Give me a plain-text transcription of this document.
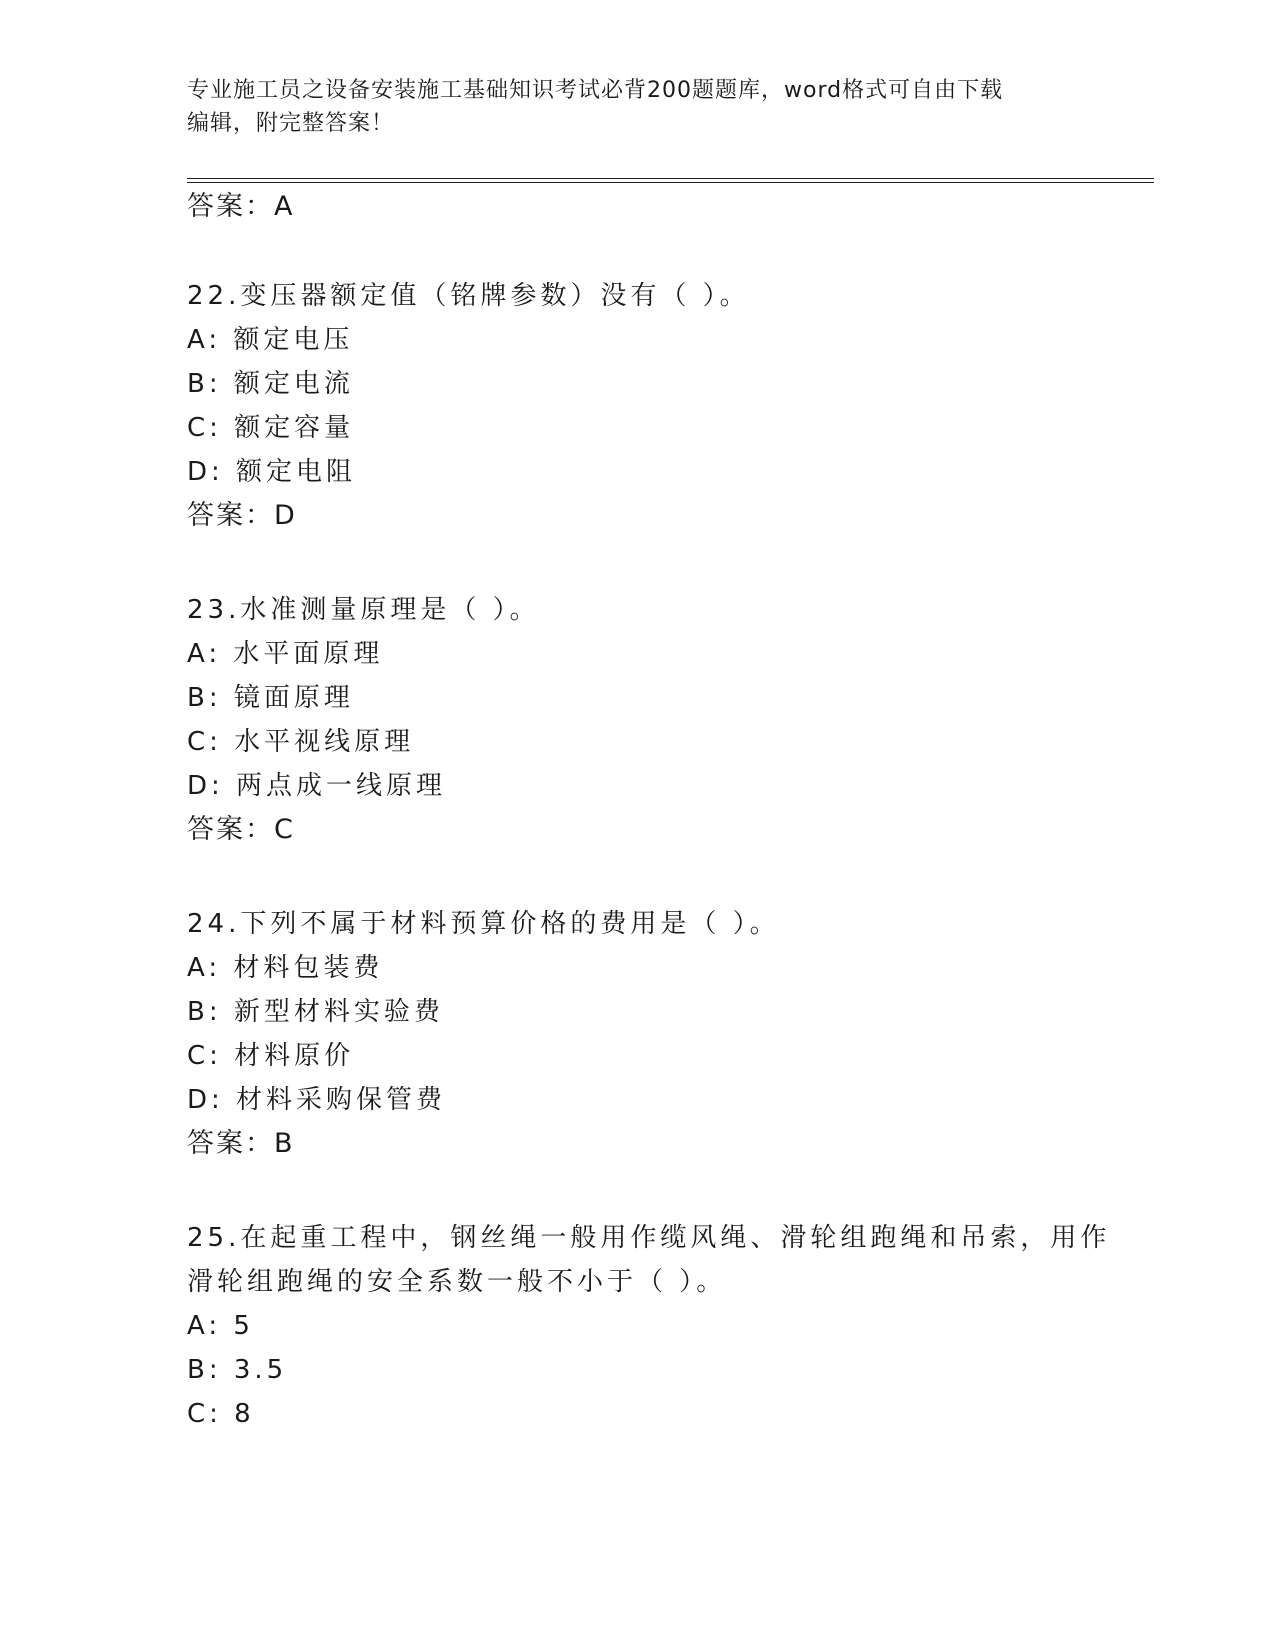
专业施工员之设备安装施工基础知识考试必背200题题库，word格式可自由下载
编辑，附完整答案！
答案：A
22.变压器额定值（铭牌参数）没有（ ）。
A: 额定电压
B: 额定电流
C: 额定容量
D: 额定电阻
答案：D
23.水准测量原理是（ ）。
A: 水平面原理
B: 镜面原理
C: 水平视线原理
D: 两点成一线原理
答案：C
24.下列不属于材料预算价格的费用是（ ）。
A: 材料包装费
B: 新型材料实验费
C: 材料原价
D: 材料采购保管费
答案：B
25.在起重工程中，钢丝绳一般用作缆风绳、滑轮组跑绳和吊索，用作
滑轮组跑绳的安全系数一般不小于（ ）。
A: 5
B: 3.5
C: 8
